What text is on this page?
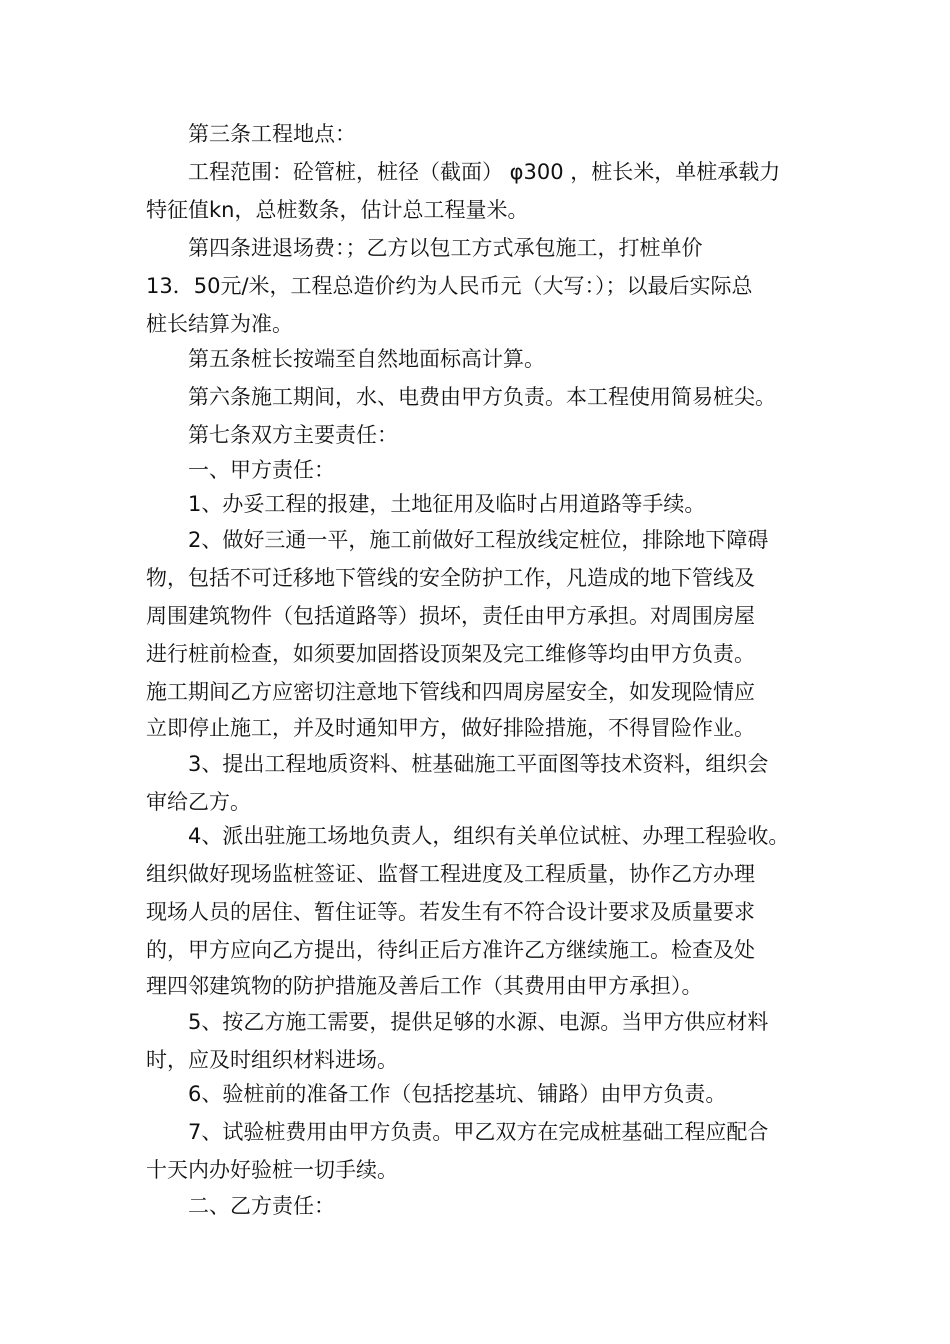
第三条工程地点：
工程范围：砼管桩，桩径（截面） φ300 ，桩长米，单桩承载力
特征值kn，总桩数条，估计总工程量米。
第四条进退场费：；乙方以包工方式承包施工，打桩单价
13．50元/米，工程总造价约为人民币元（大写：）；以最后实际总
桩长结算为准。
第五条桩长按端至自然地面标高计算。
第六条施工期间，水、电费由甲方负责。本工程使用简易桩尖。
第七条双方主要责任：
一、甲方责任：
1、办妥工程的报建，土地征用及临时占用道路等手续。
2、做好三通一平，施工前做好工程放线定桩位，排除地下障碍
物，包括不可迁移地下管线的安全防护工作，凡造成的地下管线及
周围建筑物件（包括道路等）损坏，责任由甲方承担。对周围房屋
进行桩前检查，如须要加固搭设顶架及完工维修等均由甲方负责。
施工期间乙方应密切注意地下管线和四周房屋安全，如发现险情应
立即停止施工，并及时通知甲方，做好排险措施，不得冒险作业。
3、提出工程地质资料、桩基础施工平面图等技术资料，组织会
审给乙方。
4、派出驻施工场地负责人，组织有关单位试桩、办理工程验收。
组织做好现场监桩签证、监督工程进度及工程质量，协作乙方办理
现场人员的居住、暂住证等。若发生有不符合设计要求及质量要求
的，甲方应向乙方提出，待纠正后方准许乙方继续施工。检查及处
理四邻建筑物的防护措施及善后工作（其费用由甲方承担）。
5、按乙方施工需要，提供足够的水源、电源。当甲方供应材料
时，应及时组织材料进场。
6、验桩前的准备工作（包括挖基坑、铺路）由甲方负责。
7、试验桩费用由甲方负责。甲乙双方在完成桩基础工程应配合
十天内办好验桩一切手续。
二、乙方责任：
